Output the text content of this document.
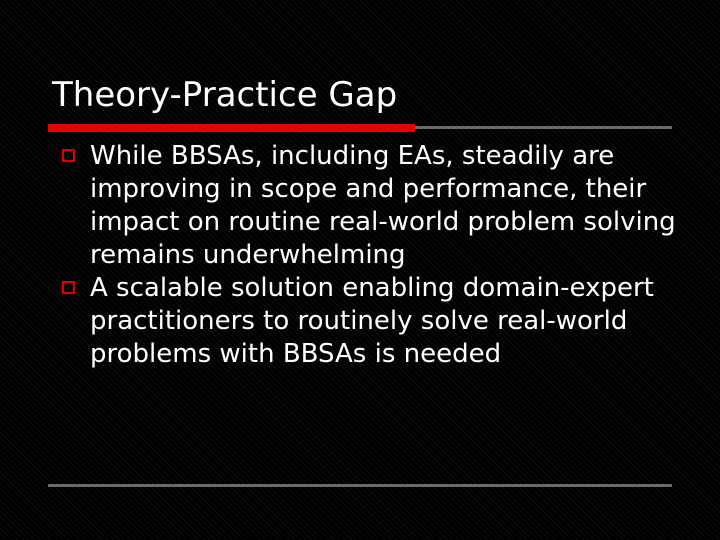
Theory-Practice Gap
While BBSAs, including EAs, steadily are improving in scope and performance, their impact on routine real-world problem solving remains underwhelming
A scalable solution enabling domain-expert practitioners to routinely solve real-world problems with BBSAs is needed
